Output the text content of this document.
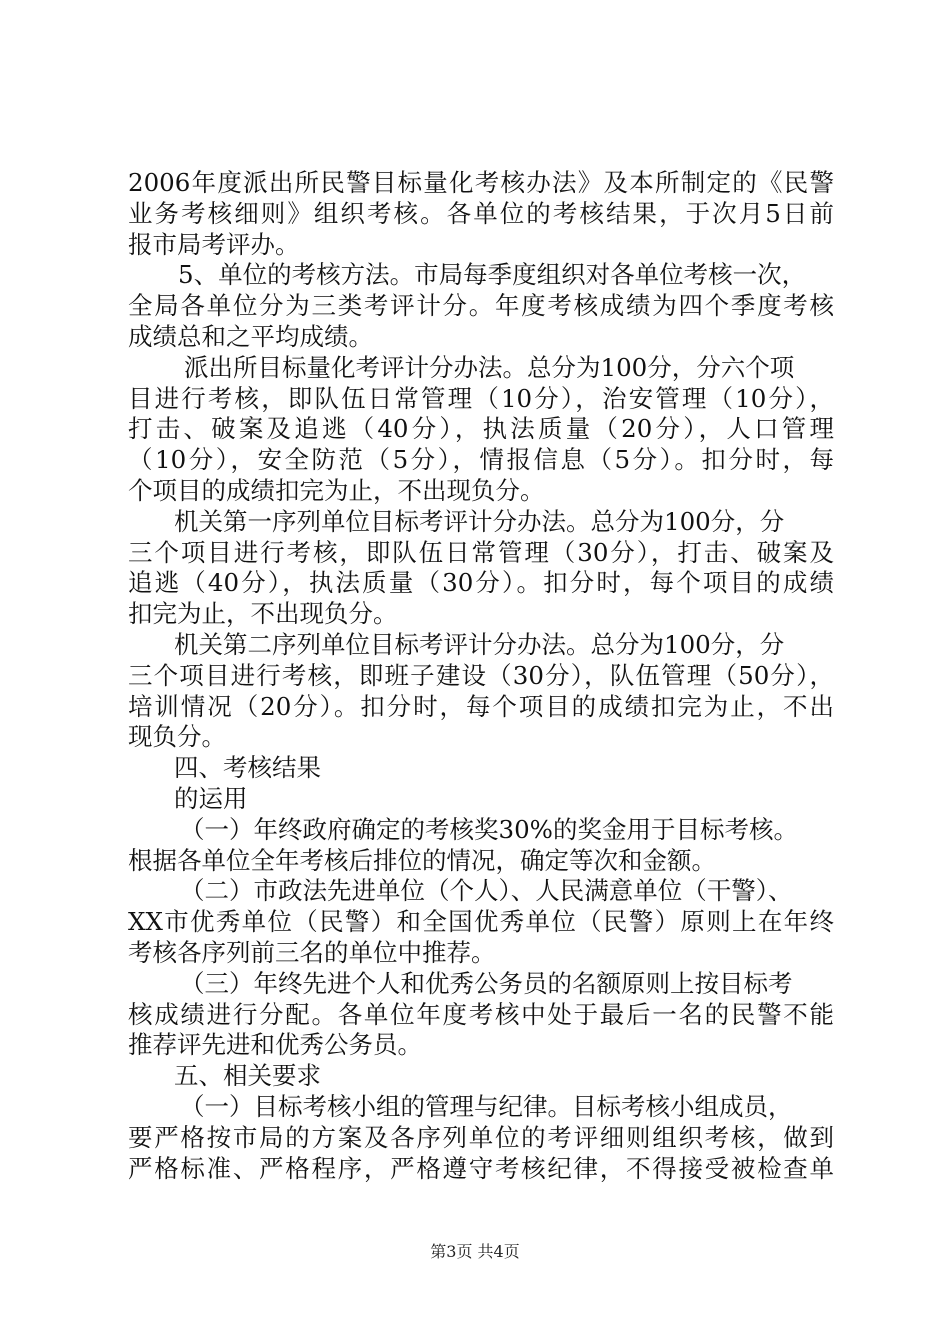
2006年度派出所民警目标量化考核办法》及本所制定的《民警
业务考核细则》组织考核。各单位的考核结果，于次月5日前
报市局考评办。
5、单位的考核方法。市局每季度组织对各单位考核一次，
全局各单位分为三类考评计分。年度考核成绩为四个季度考核
成绩总和之平均成绩。
派出所目标量化考评计分办法。总分为100分，分六个项
目进行考核，即队伍日常管理（10分），治安管理（10分），
打击、破案及追逃（40分），执法质量（20分），人口管理
（10分），安全防范（5分），情报信息（5分）。扣分时，每
个项目的成绩扣完为止，不出现负分。
机关第一序列单位目标考评计分办法。总分为100分，分
三个项目进行考核，即队伍日常管理（30分），打击、破案及
追逃（40分），执法质量（30分）。扣分时，每个项目的成绩
扣完为止，不出现负分。
机关第二序列单位目标考评计分办法。总分为100分，分
三个项目进行考核，即班子建设（30分），队伍管理（50分），
培训情况（20分）。扣分时，每个项目的成绩扣完为止，不出
现负分。
四、考核结果
的运用
（一）年终政府确定的考核奖30%的奖金用于目标考核。
根据各单位全年考核后排位的情况，确定等次和金额。
（二）市政法先进单位（个人）、人民满意单位（干警）、
XX市优秀单位（民警）和全国优秀单位（民警）原则上在年终
考核各序列前三名的单位中推荐。
（三）年终先进个人和优秀公务员的名额原则上按目标考
核成绩进行分配。各单位年度考核中处于最后一名的民警不能
推荐评先进和优秀公务员。
五、相关要求
（一）目标考核小组的管理与纪律。目标考核小组成员，
要严格按市局的方案及各序列单位的考评细则组织考核，做到
严格标准、严格程序，严格遵守考核纪律，不得接受被检查单
第3页 共4页
